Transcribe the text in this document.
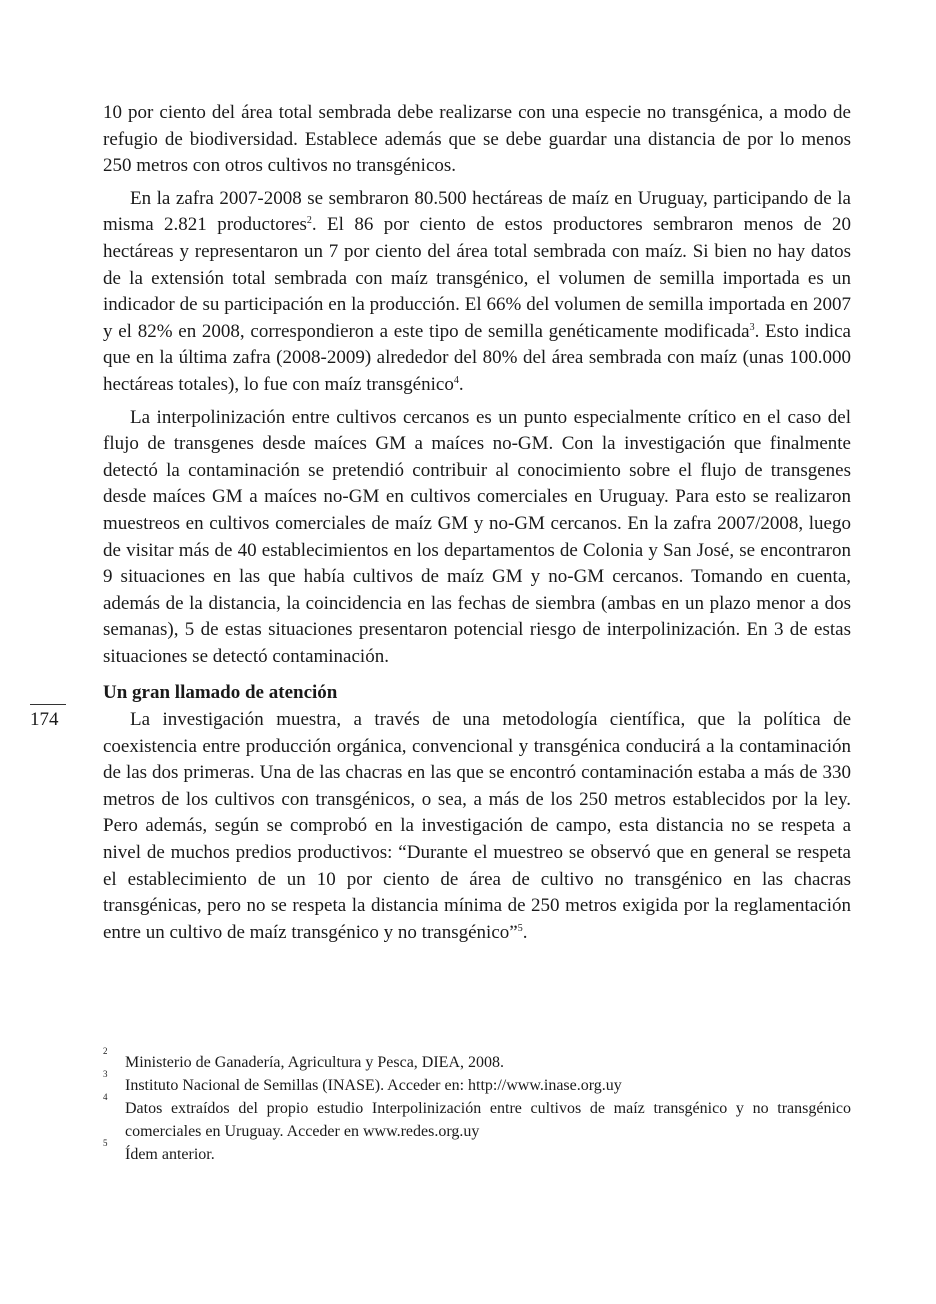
10 por ciento del área total sembrada debe realizarse con una especie no transgénica, a modo de refugio de biodiversidad. Establece además que se debe guardar una distancia de por lo menos 250 metros con otros cultivos no transgénicos.

En la zafra 2007-2008 se sembraron 80.500 hectáreas de maíz en Uruguay, participando de la misma 2.821 productores$^2$. El 86 por ciento de estos productores sembraron menos de 20 hectáreas y representaron un 7 por ciento del área total sembrada con maíz. Si bien no hay datos de la extensión total sembrada con maíz transgénico, el volumen de semilla importada es un indicador de su participación en la producción. El 66% del volumen de semilla importada en 2007 y el 82% en 2008, correspondieron a este tipo de semilla genéticamente modificada$^3$. Esto indica que en la última zafra (2008-2009) alrededor del 80% del área sembrada con maíz (unas 100.000 hectáreas totales), lo fue con maíz transgénico$^4$.

La interpolinización entre cultivos cercanos es un punto especialmente crítico en el caso del flujo de transgenes desde maíces GM a maíces no-GM. Con la investigación que finalmente detectó la contaminación se pretendió contribuir al conocimiento sobre el flujo de transgenes desde maíces GM a maíces no-GM en cultivos comerciales en Uruguay. Para esto se realizaron muestreos en cultivos comerciales de maíz GM y no-GM cercanos. En la zafra 2007/2008, luego de visitar más de 40 establecimientos en los departamentos de Colonia y San José, se encontraron 9 situaciones en las que había cultivos de maíz GM y no-GM cercanos. Tomando en cuenta, además de la distancia, la coincidencia en las fechas de siembra (ambas en un plazo menor a dos semanas), 5 de estas situaciones presentaron potencial riesgo de interpolinización. En 3 de estas situaciones se detectó contaminación.

Un gran llamado de atención

La investigación muestra, a través de una metodología científica, que la política de coexistencia entre producción orgánica, convencional y transgénica conducirá a la contaminación de las dos primeras. Una de las chacras en las que se encontró contaminación estaba a más de 330 metros de los cultivos con transgénicos, o sea, a más de los 250 metros establecidos por la ley. Pero además, según se comprobó en la investigación de campo, esta distancia no se respeta a nivel de muchos predios productivos: “Durante el muestreo se observó que en general se respeta el establecimiento de un 10 por ciento de área de cultivo no transgénico en las chacras transgénicas, pero no se respeta la distancia mínima de 250 metros exigida por la reglamentación entre un cultivo de maíz transgénico y no transgénico”$^5$.

174
2
Ministerio de Ganadería, Agricultura y Pesca, DIEA, 2008.
3
Instituto Nacional de Semillas (INASE). Acceder en: http://www.inase.org.uy
4
Datos extraídos del propio estudio Interpolinización entre cultivos de maíz transgénico y no transgénico comerciales en Uruguay. Acceder en www.redes.org.uy
5
Ídem anterior.
